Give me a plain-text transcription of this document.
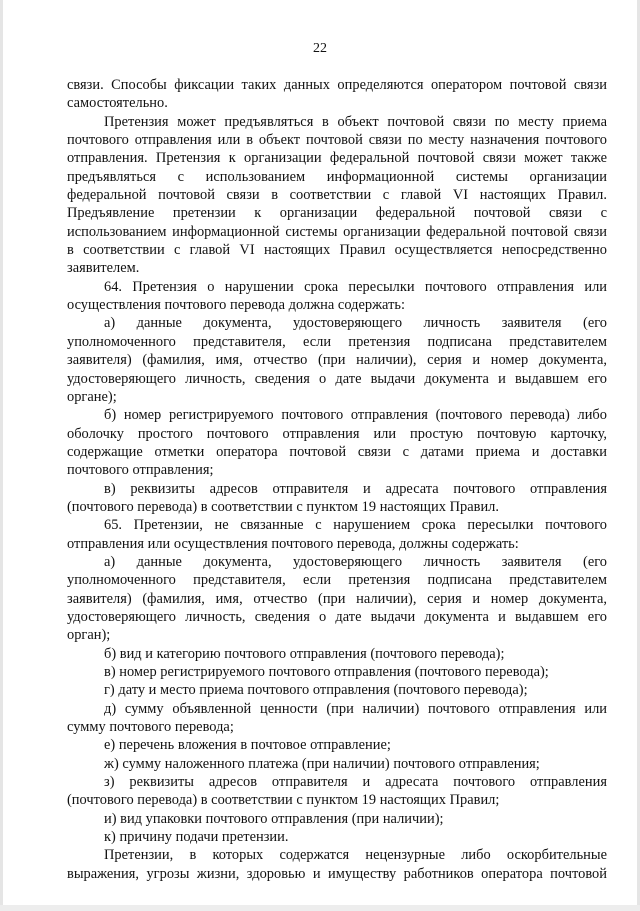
22
связи. Способы фиксации таких данных определяются оператором почтовой связи
самостоятельно.
Претензия может предъявляться в объект почтовой связи по месту приема
почтового отправления или в объект почтовой связи по месту назначения почтового
отправления. Претензия к организации федеральной почтовой связи может также
предъявляться с использованием информационной системы организации
федеральной почтовой связи в соответствии с главой VI настоящих Правил.
Предъявление претензии к организации федеральной почтовой связи с
использованием информационной системы организации федеральной почтовой связи
в соответствии с главой VI настоящих Правил осуществляется непосредственно
заявителем.
64. Претензия о нарушении срока пересылки почтового отправления или
осуществления почтового перевода должна содержать:
а) данные документа, удостоверяющего личность заявителя (его
уполномоченного представителя, если претензия подписана представителем
заявителя) (фамилия, имя, отчество (при наличии), серия и номер документа,
удостоверяющего личность, сведения о дате выдачи документа и выдавшем его
органе);
б) номер регистрируемого почтового отправления (почтового перевода) либо
оболочку простого почтового отправления или простую почтовую карточку,
содержащие отметки оператора почтовой связи с датами приема и доставки
почтового отправления;
в) реквизиты адресов отправителя и адресата почтового отправления
(почтового перевода) в соответствии с пунктом 19 настоящих Правил.
65. Претензии, не связанные с нарушением срока пересылки почтового
отправления или осуществления почтового перевода, должны содержать:
а) данные документа, удостоверяющего личность заявителя (его
уполномоченного представителя, если претензия подписана представителем
заявителя) (фамилия, имя, отчество (при наличии), серия и номер документа,
удостоверяющего личность, сведения о дате выдачи документа и выдавшем его
орган);
б) вид и категорию почтового отправления (почтового перевода);
в) номер регистрируемого почтового отправления (почтового перевода);
г) дату и место приема почтового отправления (почтового перевода);
д) сумму объявленной ценности (при наличии) почтового отправления или
сумму почтового перевода;
е) перечень вложения в почтовое отправление;
ж) сумму наложенного платежа (при наличии) почтового отправления;
з) реквизиты адресов отправителя и адресата почтового отправления
(почтового перевода) в соответствии с пунктом 19 настоящих Правил;
и) вид упаковки почтового отправления (при наличии);
к) причину подачи претензии.
Претензии, в которых содержатся нецензурные либо оскорбительные
выражения, угрозы жизни, здоровью и имуществу работников оператора почтовой
